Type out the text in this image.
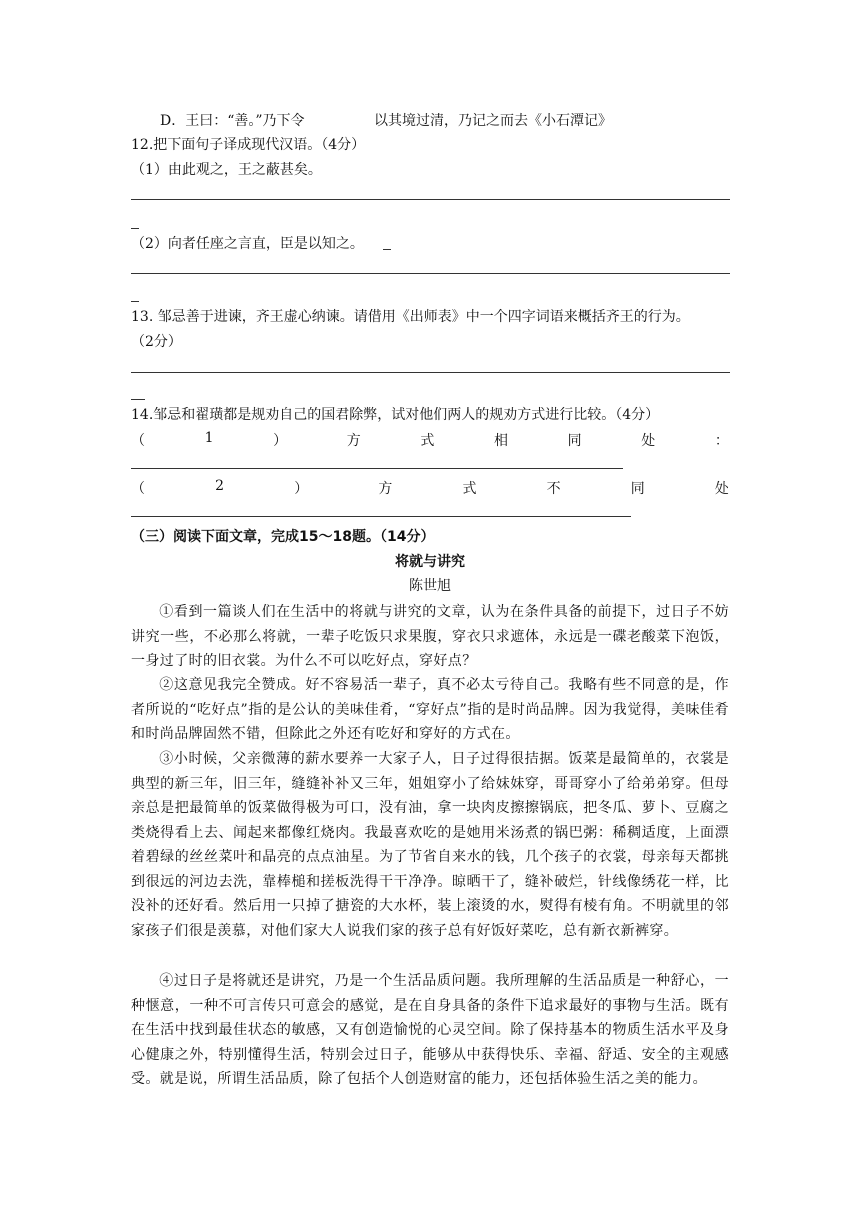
D．王曰：“善。”乃下令	以其境过清，乃记之而去《小石潭记》
12.把下面句子译成现代汉语。（4分）
（1）由此观之，王之蔽甚矣。
（2）向者任座之言直，臣是以知之。
13. 邹忌善于进谏，齐王虚心纳谏。请借用《出师表》中一个四字词语来概括齐王的行为。
（2分）
14.邹忌和翟璜都是规劝自己的国君除弊，试对他们两人的规劝方式进行比较。（4分）
（	1	）	方	式	相	同	处	：
（	2	）	方	式	不	同	处
（三）阅读下面文章，完成15～18题。（14分）
将就与讲究
陈世旭
①看到一篇谈人们在生活中的将就与讲究的文章，认为在条件具备的前提下，过日子不妨讲究一些，不必那么将就，一辈子吃饭只求果腹，穿衣只求遮体，永远是一碟老酸菜下泡饭，一身过了时的旧衣裳。为什么不可以吃好点，穿好点？
②这意见我完全赞成。好不容易活一辈子，真不必太亏待自己。我略有些不同意的是，作者所说的“吃好点”指的是公认的美味佳肴，“穿好点”指的是时尚品牌。因为我觉得，美味佳肴和时尚品牌固然不错，但除此之外还有吃好和穿好的方式在。
③小时候，父亲微薄的薪水要养一大家子人，日子过得很拮据。饭菜是最简单的，衣裳是典型的新三年，旧三年，缝缝补补又三年，姐姐穿小了给妹妹穿，哥哥穿小了给弟弟穿。但母亲总是把最简单的饭菜做得极为可口，没有油，拿一块肉皮擦擦锅底，把冬瓜、萝卜、豆腐之类烧得看上去、闻起来都像红烧肉。我最喜欢吃的是她用米汤煮的锅巴粥：稀稠适度，上面漂着碧绿的丝丝菜叶和晶亮的点点油星。为了节省自来水的钱，几个孩子的衣裳，母亲每天都挑到很远的河边去洗，靠棒槌和搓板洗得干干净净。晾晒干了，缝补破烂，针线像绣花一样，比没补的还好看。然后用一只掉了搪瓷的大水杯，装上滚烫的水，熨得有棱有角。不明就里的邻家孩子们很是羡慕，对他们家大人说我们家的孩子总有好饭好菜吃，总有新衣新裤穿。
④过日子是将就还是讲究，乃是一个生活品质问题。我所理解的生活品质是一种舒心，一种惬意，一种不可言传只可意会的感觉，是在自身具备的条件下追求最好的事物与生活。既有在生活中找到最佳状态的敏感，又有创造愉悦的心灵空间。除了保持基本的物质生活水平及身心健康之外，特别懂得生活，特别会过日子，能够从中获得快乐、幸福、舒适、安全的主观感受。就是说，所谓生活品质，除了包括个人创造财富的能力，还包括体验生活之美的能力。
